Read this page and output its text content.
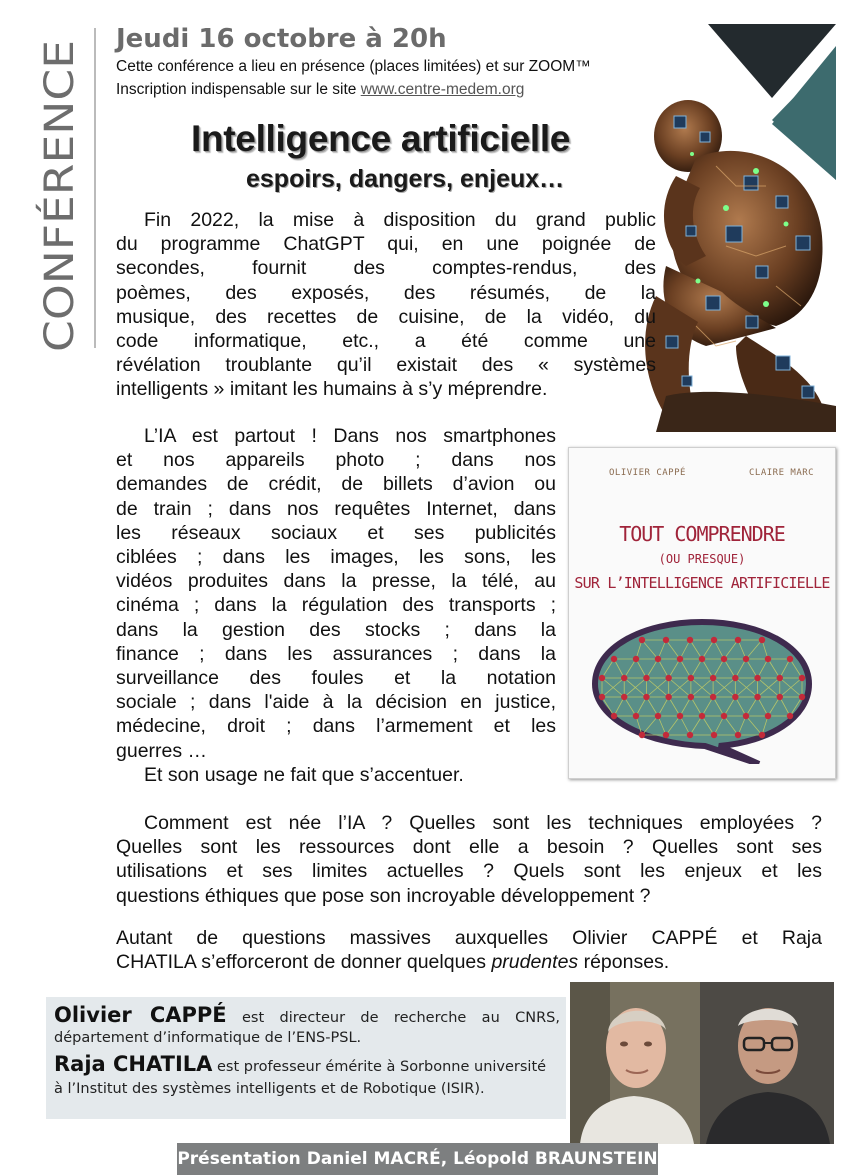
CONFÉRENCE
Jeudi 16 octobre à 20h
Cette conférence a lieu en présence (places limitées) et sur ZOOM™
Inscription indispensable sur le site www.centre-medem.org
Intelligence artificielle
espoirs, dangers, enjeux…
Fin 2022, la mise à disposition du grand public
du programme ChatGPT qui, en une poignée de
secondes, fournit des comptes-rendus, des
poèmes, des exposés, des résumés, de la
musique, des recettes de cuisine, de la vidéo, du
code informatique, etc., a été comme une
révélation troublante qu’il existait des « systèmes
intelligents » imitant les humains à s’y méprendre.
L’IA est partout ! Dans nos smartphones
et nos appareils photo ; dans nos
demandes de crédit, de billets d’avion ou
de train ; dans nos requêtes Internet, dans
les réseaux sociaux et ses publicités
ciblées ; dans les images, les sons, les
vidéos produites dans la presse, la télé, au
cinéma ; dans la régulation des transports ;
dans la gestion des stocks ; dans la
finance ; dans les assurances ; dans la
surveillance des foules et la notation
sociale ; dans l'aide à la décision en justice,
médecine, droit ; dans l’armement et les
guerres …
Et son usage ne fait que s’accentuer.
OLIVIER CAPPÉ	CLAIRE MARC
TOUT COMPRENDRE
(OU PRESQUE)
SUR L’INTELLIGENCE ARTIFICIELLE
Comment est née l’IA ? Quelles sont les techniques employées ?
Quelles sont les ressources dont elle a besoin ? Quelles sont ses
utilisations et ses limites actuelles ? Quels sont les enjeux et les
questions éthiques que pose son incroyable développement ?
Autant de questions massives auxquelles Olivier CAPPÉ et Raja
CHATILA s’efforceront de donner quelques prudentes réponses.
Olivier CAPPÉ est directeur de recherche au CNRS, département d’informatique de l’ENS-PSL.
Raja CHATILA est professeur émérite à Sorbonne université
à l’Institut des systèmes intelligents et de Robotique (ISIR).
Présentation Daniel MACRÉ, Léopold BRAUNSTEIN
